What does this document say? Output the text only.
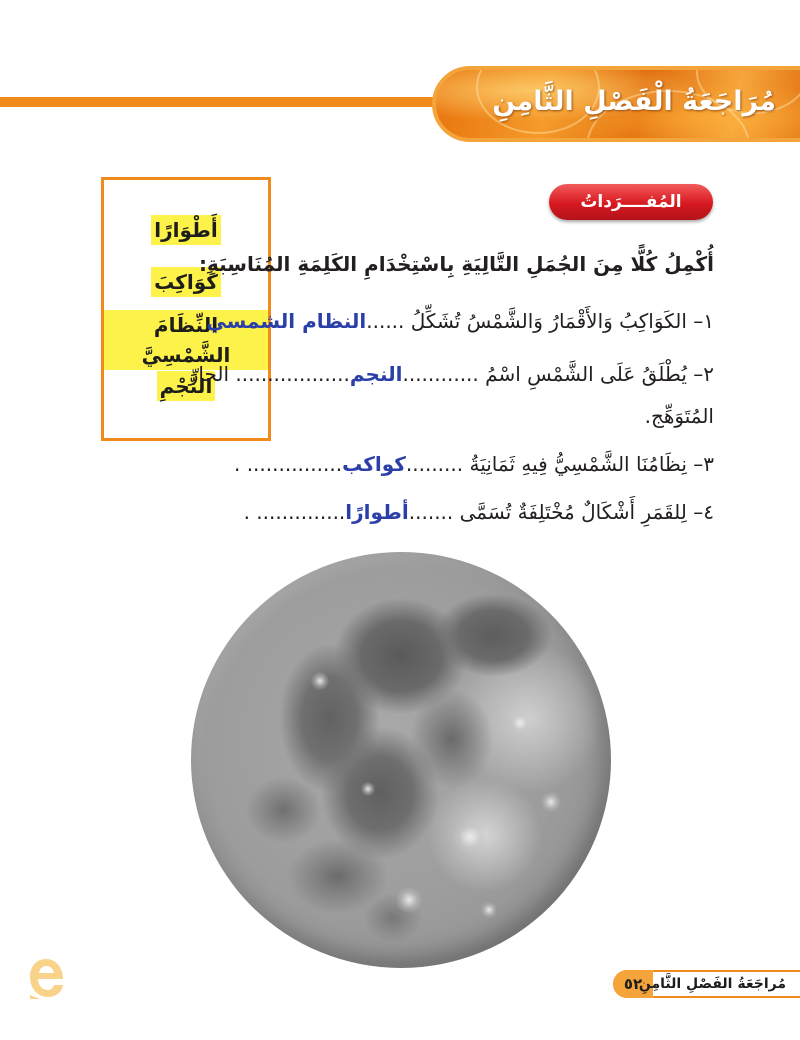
مُرَاجَعَةُ الْفَصْلِ الثَّامِنِ
أَطْوَارًا
كَوَاكِبَ
النِّظَامَ الشَّمْسِيَّ
النَّجْمِ
المُفــــرَداتُ
أُكْمِلُ كُلًّا مِنَ الجُمَلِ التَّالِيَةِ بِاسْتِخْدَامِ الكَلِمَةِ المُنَاسِبَةِ:
١– الكَوَاكِبُ وَالأَقْمَارُ وَالشَّمْسُ تُشَكِّلُ ......النظام الشمسي
٢– يُطْلَقُ عَلَى الشَّمْسِ اسْمُ ............النجم.................. الحارّ
المُتَوَهِّج.
٣– نِظَامُنَا الشَّمْسِيُّ فِيهِ ثَمَانِيَةُ .........كواكب............... .
٤– لِلقَمَرِ أَشْكَالٌ مُخْتَلِفَةٌ تُسَمَّى .......أطوارًا.............. .
٥٢
مُراجَعَةُ الفَصْلِ الثَّامِنِ
